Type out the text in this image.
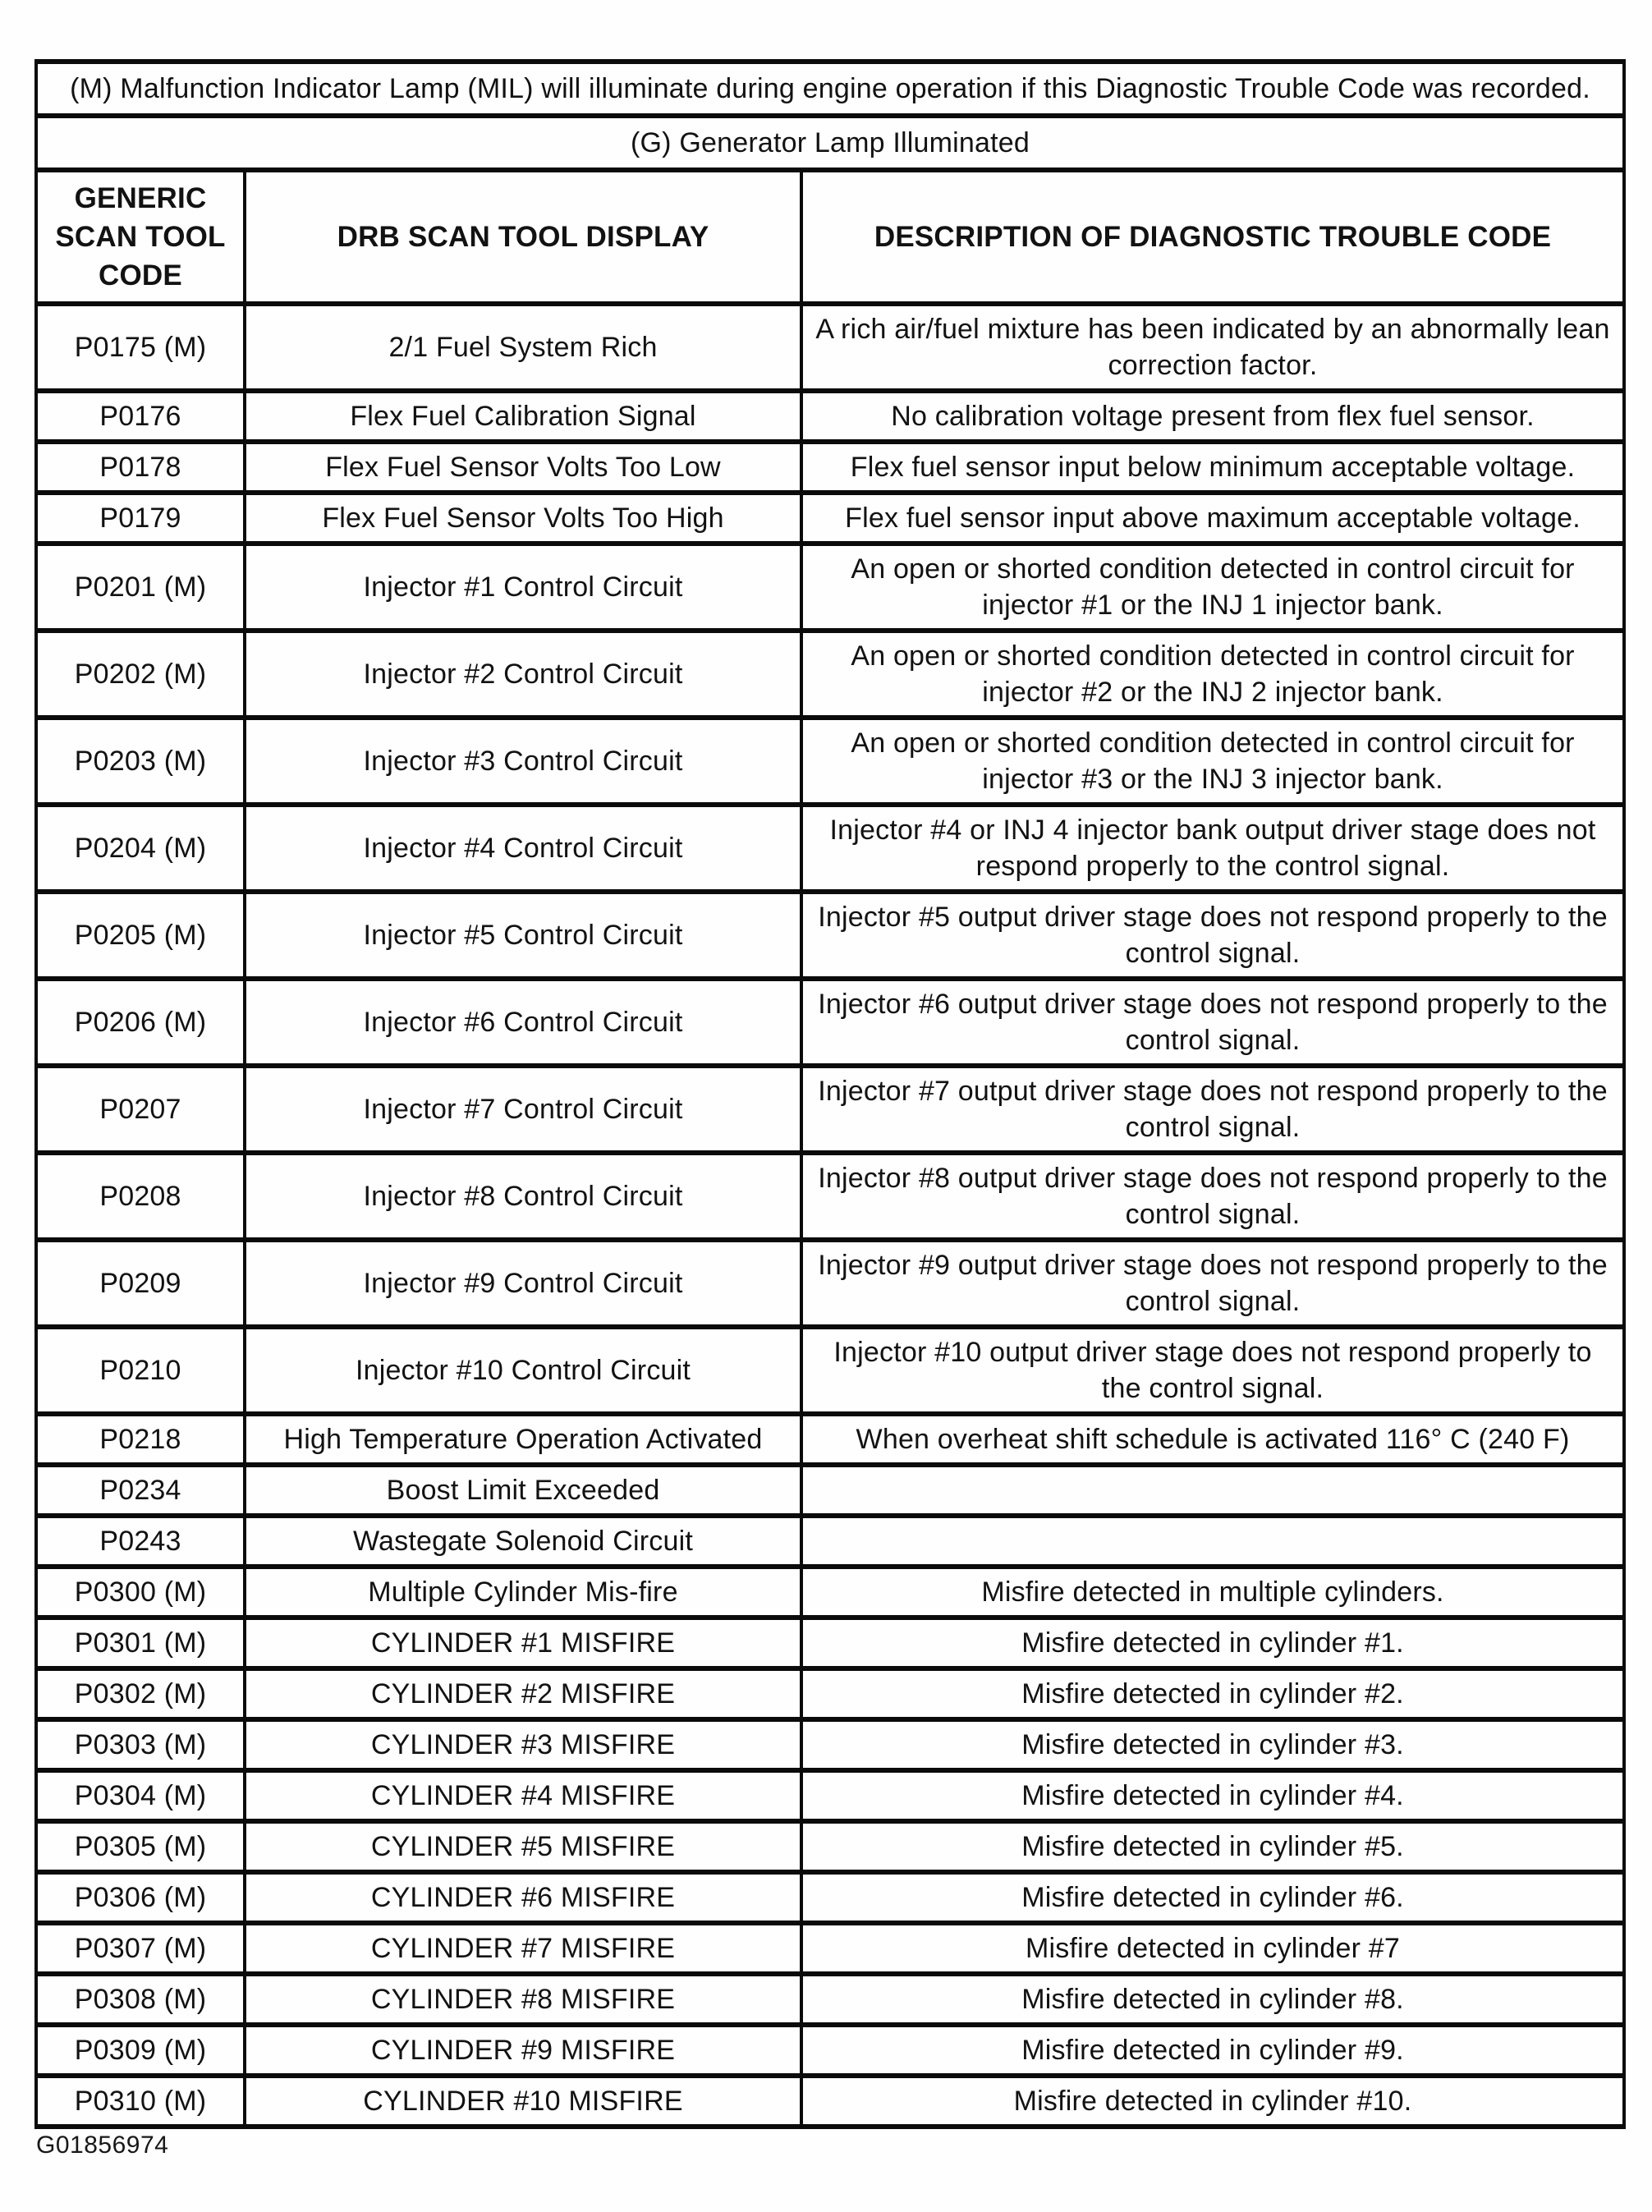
(M) Malfunction Indicator Lamp (MIL) will illuminate during engine operation if this Diagnostic Trouble Code was recorded.		
(G) Generator Lamp Illuminated		
GENERIC SCAN TOOL CODE	DRB SCAN TOOL DISPLAY	DESCRIPTION OF DIAGNOSTIC TROUBLE CODE
P0175 (M)	2/1 Fuel System Rich	A rich air/fuel mixture has been indicated by an abnormally lean correction factor.
P0176	Flex Fuel Calibration Signal	No calibration voltage present from flex fuel sensor.
P0178	Flex Fuel Sensor Volts Too Low	Flex fuel sensor input below minimum acceptable voltage.
P0179	Flex Fuel Sensor Volts Too High	Flex fuel sensor input above maximum acceptable voltage.
P0201 (M)	Injector #1 Control Circuit	An open or shorted condition detected in control circuit for injector #1 or the INJ 1 injector bank.
P0202 (M)	Injector #2 Control Circuit	An open or shorted condition detected in control circuit for injector #2 or the INJ 2 injector bank.
P0203 (M)	Injector #3 Control Circuit	An open or shorted condition detected in control circuit for injector #3 or the INJ 3 injector bank.
P0204 (M)	Injector #4 Control Circuit	Injector #4 or INJ 4 injector bank output driver stage does not respond properly to the control signal.
P0205 (M)	Injector #5 Control Circuit	Injector #5 output driver stage does not respond properly to the control signal.
P0206 (M)	Injector #6 Control Circuit	Injector #6 output driver stage does not respond properly to the control signal.
P0207	Injector #7 Control Circuit	Injector #7 output driver stage does not respond properly to the control signal.
P0208	Injector #8 Control Circuit	Injector #8 output driver stage does not respond properly to the control signal.
P0209	Injector #9 Control Circuit	Injector #9 output driver stage does not respond properly to the control signal.
P0210	Injector #10 Control Circuit	Injector #10 output driver stage does not respond properly to the control signal.
P0218	High Temperature Operation Activated	When overheat shift schedule is activated 116° C (240 F)
P0234	Boost Limit Exceeded	
P0243	Wastegate Solenoid Circuit	
P0300 (M)	Multiple Cylinder Mis-fire	Misfire detected in multiple cylinders.
P0301 (M)	CYLINDER #1 MISFIRE	Misfire detected in cylinder #1.
P0302 (M)	CYLINDER #2 MISFIRE	Misfire detected in cylinder #2.
P0303 (M)	CYLINDER #3 MISFIRE	Misfire detected in cylinder #3.
P0304 (M)	CYLINDER #4 MISFIRE	Misfire detected in cylinder #4.
P0305 (M)	CYLINDER #5 MISFIRE	Misfire detected in cylinder #5.
P0306 (M)	CYLINDER #6 MISFIRE	Misfire detected in cylinder #6.
P0307 (M)	CYLINDER #7 MISFIRE	Misfire detected in cylinder #7
P0308 (M)	CYLINDER #8 MISFIRE	Misfire detected in cylinder #8.
P0309 (M)	CYLINDER #9 MISFIRE	Misfire detected in cylinder #9.
P0310 (M)	CYLINDER #10 MISFIRE	Misfire detected in cylinder #10.
G01856974
